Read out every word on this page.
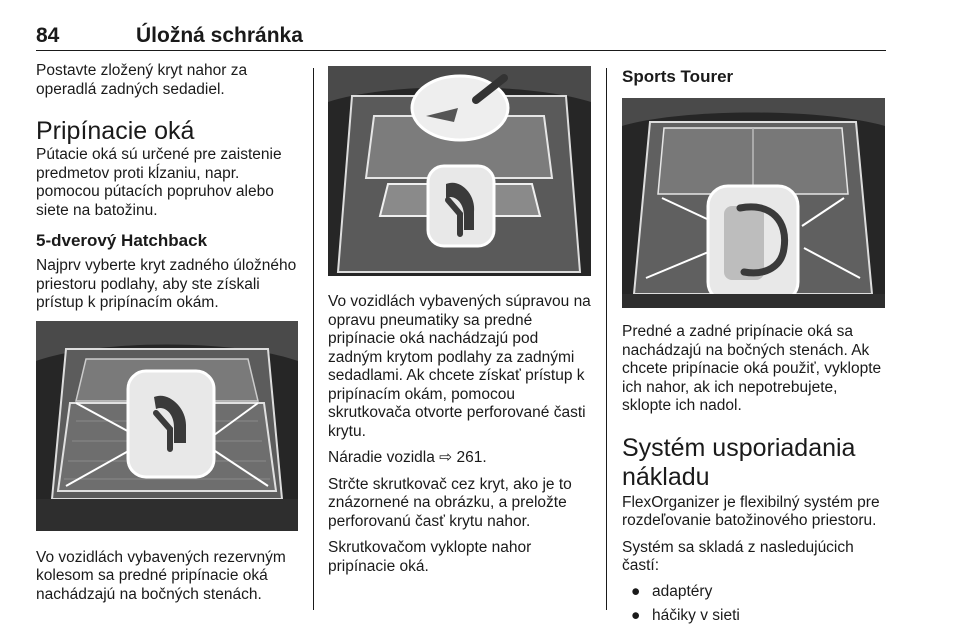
84	Úložná schránka

Postavte zložený kryt nahor za operadlá zadných sedadiel.

Pripínacie oká

Pútacie oká sú určené pre zaistenie predmetov proti kĺzaniu, napr. pomocou pútacích popruhov alebo siete na batožinu.

5-dverový Hatchback

Najprv vyberte kryt zadného úložného priestoru podlahy, aby ste získali prístup k pripínacím okám.

Vo vozidlách vybavených rezervným kolesom sa predné pripínacie oká nachádzajú na bočných stenách.

Vo vozidlách vybavených súpravou na opravu pneumatiky sa predné pripínacie oká nachádzajú pod zadným krytom podlahy za zadnými sedadlami. Ak chcete získať prístup k pripínacím okám, pomocou skrutkovača otvorte perforované časti krytu.

Náradie vozidla ⇨ 261.

Strčte skrutkovač cez kryt, ako je to znázornené na obrázku, a preložte perforovanú časť krytu nahor.

Skrutkovačom vyklopte nahor pripínacie oká.

Sports Tourer

Predné a zadné pripínacie oká sa nachádzajú na bočných stenách. Ak chcete pripínacie oká použiť, vyklopte ich nahor, ak ich nepotrebujete, sklopte ich nadol.

Systém usporiadania nákladu

FlexOrganizer je flexibilný systém pre rozdeľovanie batožinového priestoru.

Systém sa skladá z nasledujúcich častí:

● adaptéry
● háčiky v sieti
